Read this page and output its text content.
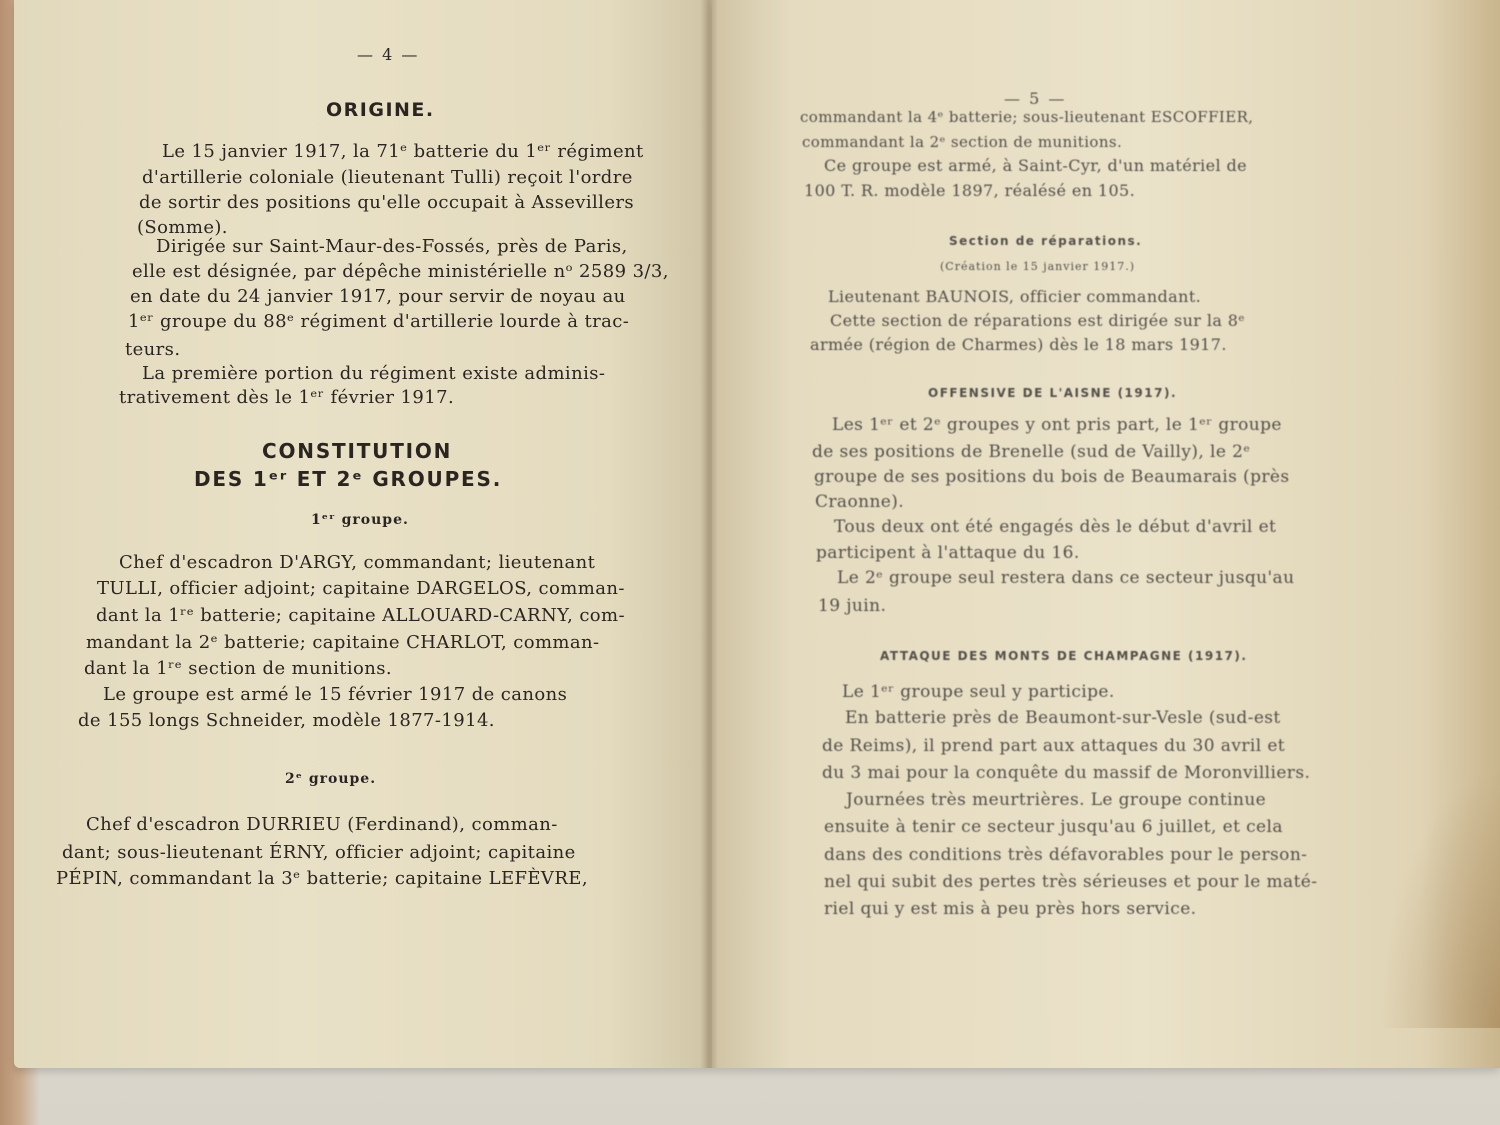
— 4 —
ORIGINE.
Le 15 janvier 1917, la 71ᵉ batterie du 1ᵉʳ régiment
d'artillerie coloniale (lieutenant Tulli) reçoit l'ordre
de sortir des positions qu'elle occupait à Assevillers
(Somme).
Dirigée sur Saint-Maur-des-Fossés, près de Paris,
elle est désignée, par dépêche ministérielle nᵒ 2589 3/3,
en date du 24 janvier 1917, pour servir de noyau au
1ᵉʳ groupe du 88ᵉ régiment d'artillerie lourde à trac-
teurs.
La première portion du régiment existe adminis-
trativement dès le 1ᵉʳ février 1917.
CONSTITUTION
DES 1ᵉʳ ET 2ᵉ GROUPES.
1ᵉʳ groupe.
Chef d'escadron D'ARGY, commandant; lieutenant
TULLI, officier adjoint; capitaine DARGELOS, comman-
dant la 1ʳᵉ batterie; capitaine ALLOUARD-CARNY, com-
mandant la 2ᵉ batterie; capitaine CHARLOT, comman-
dant la 1ʳᵉ section de munitions.
Le groupe est armé le 15 février 1917 de canons
de 155 longs Schneider, modèle 1877-1914.
2ᵉ groupe.
Chef d'escadron DURRIEU (Ferdinand), comman-
dant; sous-lieutenant ÉRNY, officier adjoint; capitaine
PÉPIN, commandant la 3ᵉ batterie; capitaine LEFÈVRE,
— 5 —
commandant la 4ᵉ batterie; sous-lieutenant ESCOFFIER,
commandant la 2ᵉ section de munitions.
Ce groupe est armé, à Saint-Cyr, d'un matériel de
100 T. R. modèle 1897, réalésé en 105.
Section de réparations.
(Création le 15 janvier 1917.)
Lieutenant BAUNOIS, officier commandant.
Cette section de réparations est dirigée sur la 8ᵉ
armée (région de Charmes) dès le 18 mars 1917.
OFFENSIVE DE L'AISNE (1917).
Les 1ᵉʳ et 2ᵉ groupes y ont pris part, le 1ᵉʳ groupe
de ses positions de Brenelle (sud de Vailly), le 2ᵉ
groupe de ses positions du bois de Beaumarais (près
Craonne).
Tous deux ont été engagés dès le début d'avril et
participent à l'attaque du 16.
Le 2ᵉ groupe seul restera dans ce secteur jusqu'au
19 juin.
ATTAQUE DES MONTS DE CHAMPAGNE (1917).
Le 1ᵉʳ groupe seul y participe.
En batterie près de Beaumont-sur-Vesle (sud-est
de Reims), il prend part aux attaques du 30 avril et
du 3 mai pour la conquête du massif de Moronvilliers.
Journées très meurtrières. Le groupe continue
ensuite à tenir ce secteur jusqu'au 6 juillet, et cela
dans des conditions très défavorables pour le person-
nel qui subit des pertes très sérieuses et pour le maté-
riel qui y est mis à peu près hors service.
